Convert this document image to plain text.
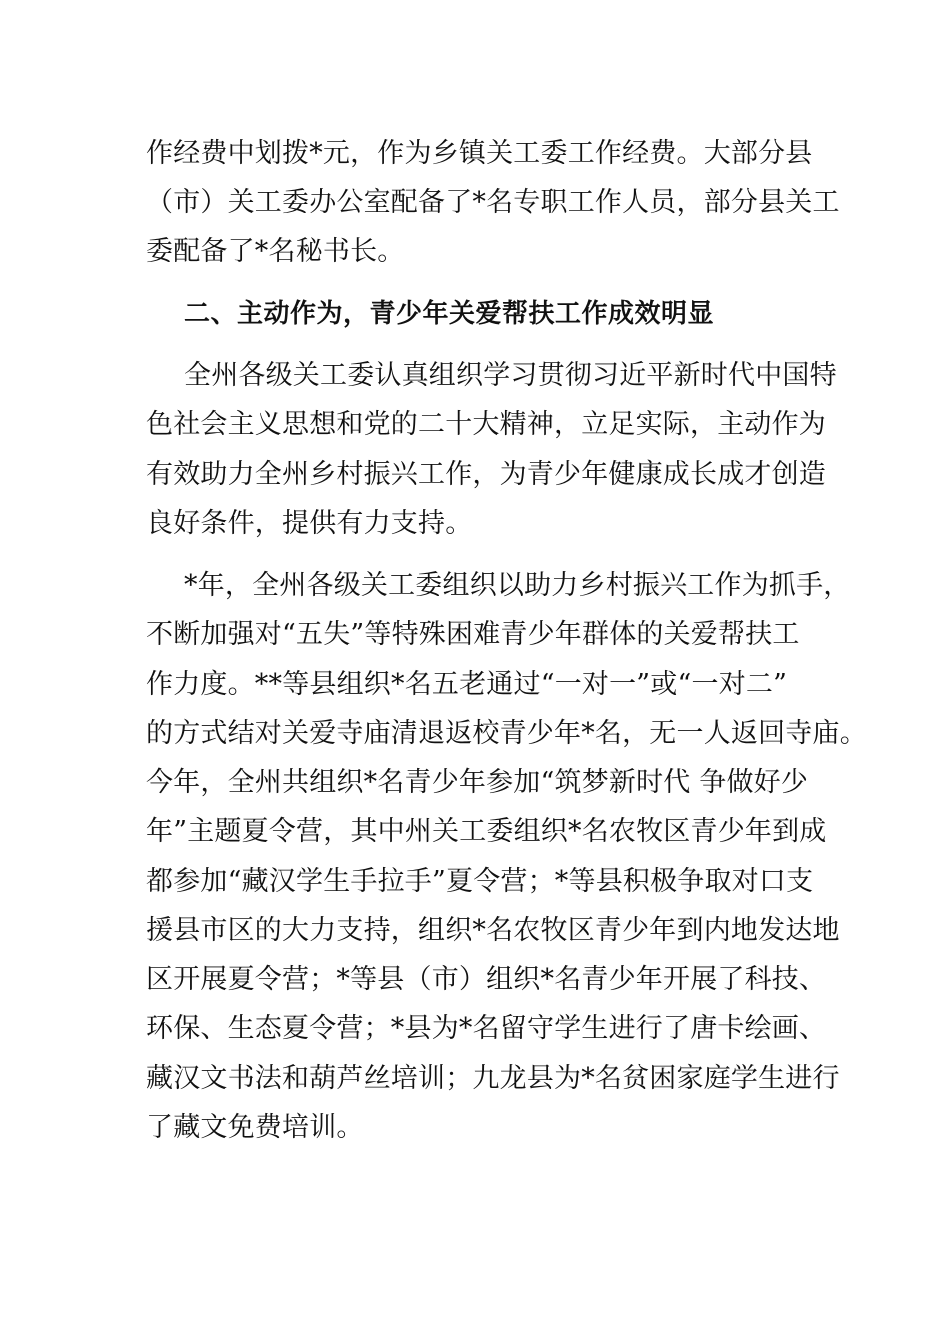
作经费中划拨*元，作为乡镇关工委工作经费。大部分县
（市）关工委办公室配备了*名专职工作人员，部分县关工
委配备了*名秘书长。
二、主动作为，青少年关爱帮扶工作成效明显
全州各级关工委认真组织学习贯彻习近平新时代中国特
色社会主义思想和党的二十大精神，立足实际，主动作为
有效助力全州乡村振兴工作，为青少年健康成长成才创造
良好条件，提供有力支持。
*年，全州各级关工委组织以助力乡村振兴工作为抓手，
不断加强对“五失”等特殊困难青少年群体的关爱帮扶工
作力度。**等县组织*名五老通过“一对一”或“一对二”
的方式结对关爱寺庙清退返校青少年*名，无一人返回寺庙。
今年，全州共组织*名青少年参加“筑梦新时代 争做好少
年”主题夏令营，其中州关工委组织*名农牧区青少年到成
都参加“藏汉学生手拉手”夏令营；*等县积极争取对口支
援县市区的大力支持，组织*名农牧区青少年到内地发达地
区开展夏令营；*等县（市）组织*名青少年开展了科技、
环保、生态夏令营；*县为*名留守学生进行了唐卡绘画、
藏汉文书法和葫芦丝培训；九龙县为*名贫困家庭学生进行
了藏文免费培训。
